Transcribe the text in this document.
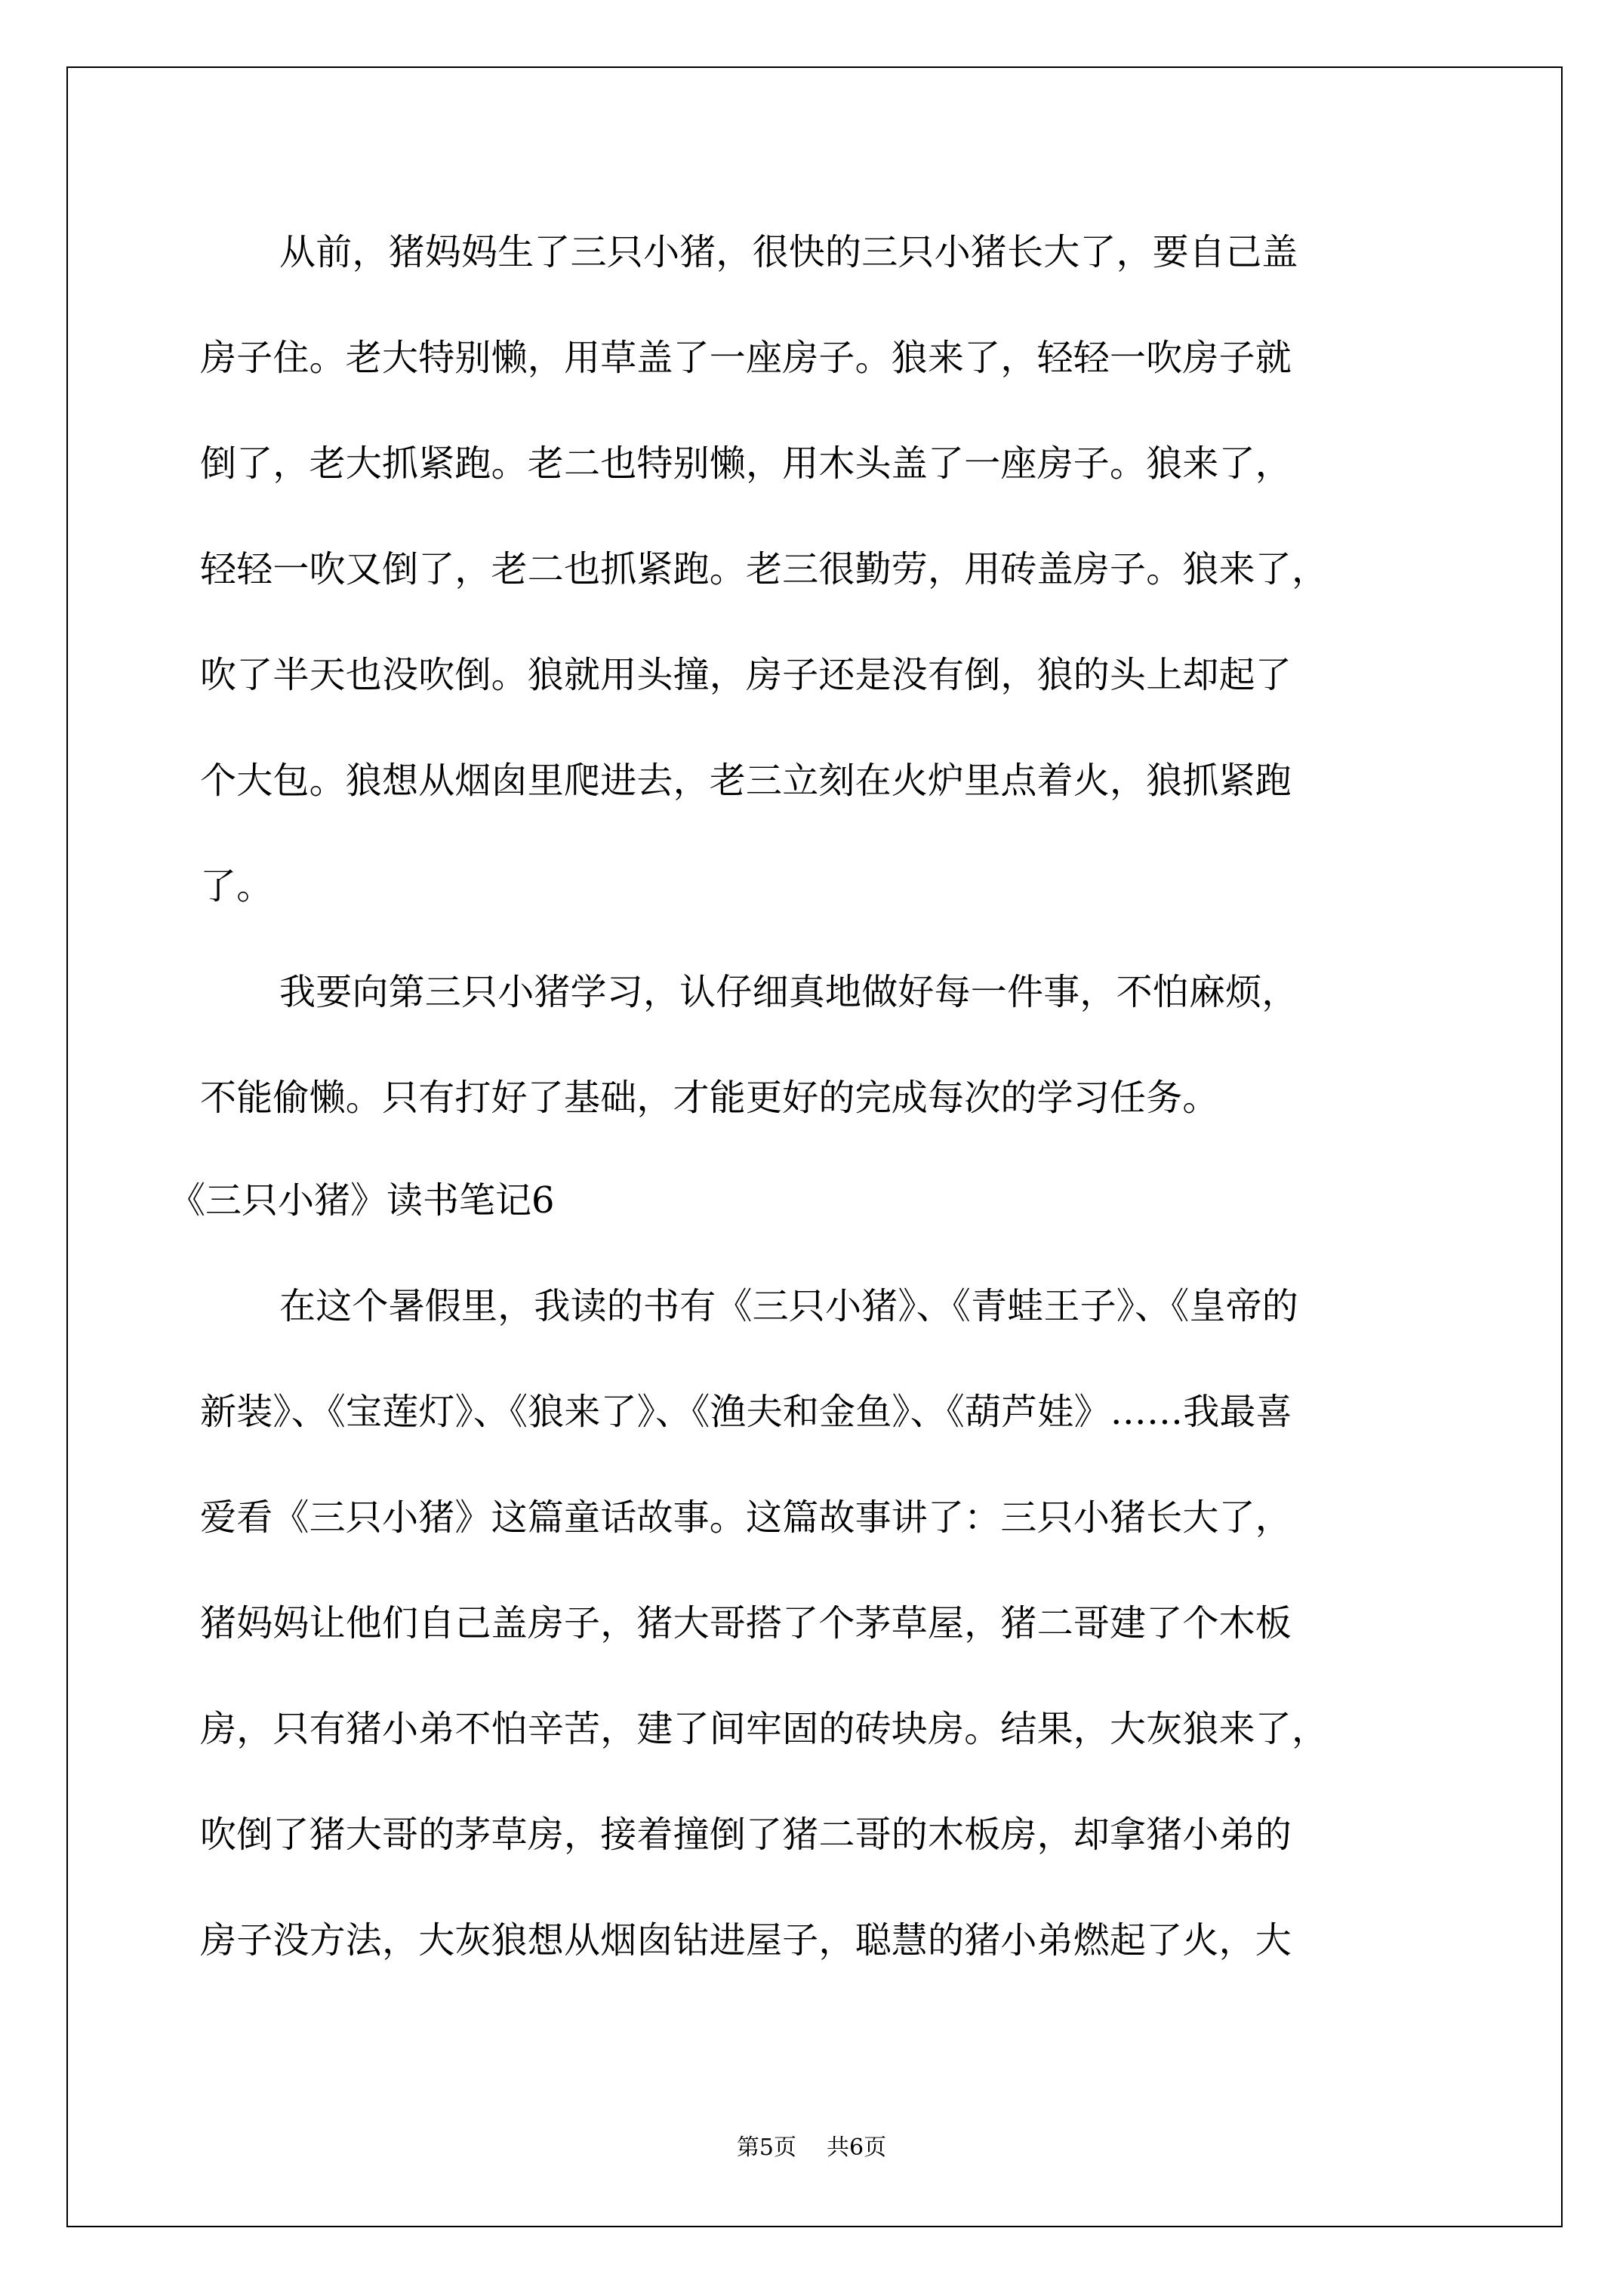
从前，猪妈妈生了三只小猪，很快的三只小猪长大了，要自己盖

房子住。老大特别懒，用草盖了一座房子。狼来了，轻轻一吹房子就

倒了，老大抓紧跑。老二也特别懒，用木头盖了一座房子。狼来了，

轻轻一吹又倒了，老二也抓紧跑。老三很勤劳，用砖盖房子。狼来了，

吹了半天也没吹倒。狼就用头撞，房子还是没有倒，狼的头上却起了

个大包。狼想从烟囱里爬进去，老三立刻在火炉里点着火，狼抓紧跑

了。

我要向第三只小猪学习，认仔细真地做好每一件事，不怕麻烦，

不能偷懒。只有打好了基础，才能更好的完成每次的学习任务。

《三只小猪》读书笔记6

在这个暑假里，我读的书有《三只小猪》、《青蛙王子》、《皇帝的

新装》、《宝莲灯》、《狼来了》、《渔夫和金鱼》、《葫芦娃》……我最喜

爱看《三只小猪》这篇童话故事。这篇故事讲了：三只小猪长大了，

猪妈妈让他们自己盖房子，猪大哥搭了个茅草屋，猪二哥建了个木板

房，只有猪小弟不怕辛苦，建了间牢固的砖块房。结果，大灰狼来了，

吹倒了猪大哥的茅草房，接着撞倒了猪二哥的木板房，却拿猪小弟的

房子没方法，大灰狼想从烟囱钻进屋子，聪慧的猪小弟燃起了火，大

第5页 共6页
